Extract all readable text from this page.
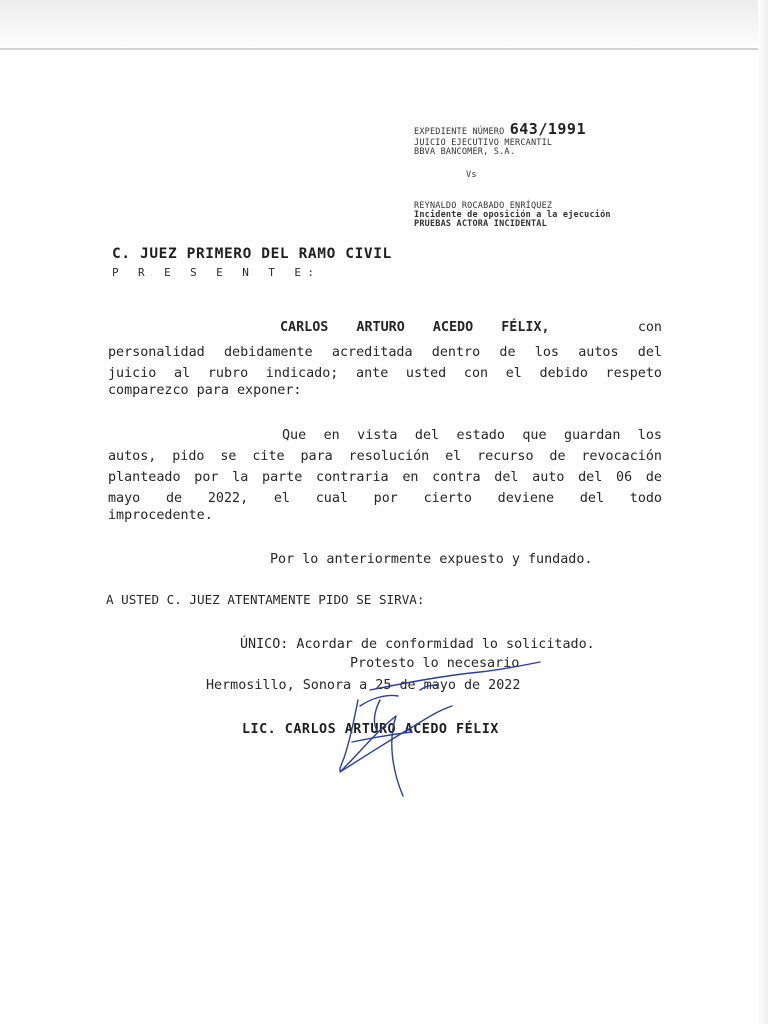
EXPEDIENTE NÚMERO 643/1991
JUICIO EJECUTIVO MERCANTIL
BBVA BANCOMER, S.A.
Vs
REYNALDO ROCABADO ENRÍQUEZ
Incidente de oposición a la ejecución
PRUEBAS ACTORA INCIDENTAL
C. JUEZ PRIMERO DEL RAMO CIVIL
P R E S E N T E:
CARLOS ARTURO ACEDO FÉLIX,	con
personalidad debidamente acreditada dentro de los autos del
juicio al rubro indicado; ante usted con el debido respeto
comparezco para exponer:
Que en vista del estado que guardan los
autos, pido se cite para resolución el recurso de revocación
planteado por la parte contraria en contra del auto del 06 de
mayo de 2022, el cual por cierto deviene del todo
improcedente.
Por lo anteriormente expuesto y fundado.
A USTED C. JUEZ ATENTAMENTE PIDO SE SIRVA:
ÚNICO: Acordar de conformidad lo solicitado.
Protesto lo necesario
Hermosillo, Sonora a 25 de mayo de 2022
LIC. CARLOS ARTURO ACEDO FÉLIX
